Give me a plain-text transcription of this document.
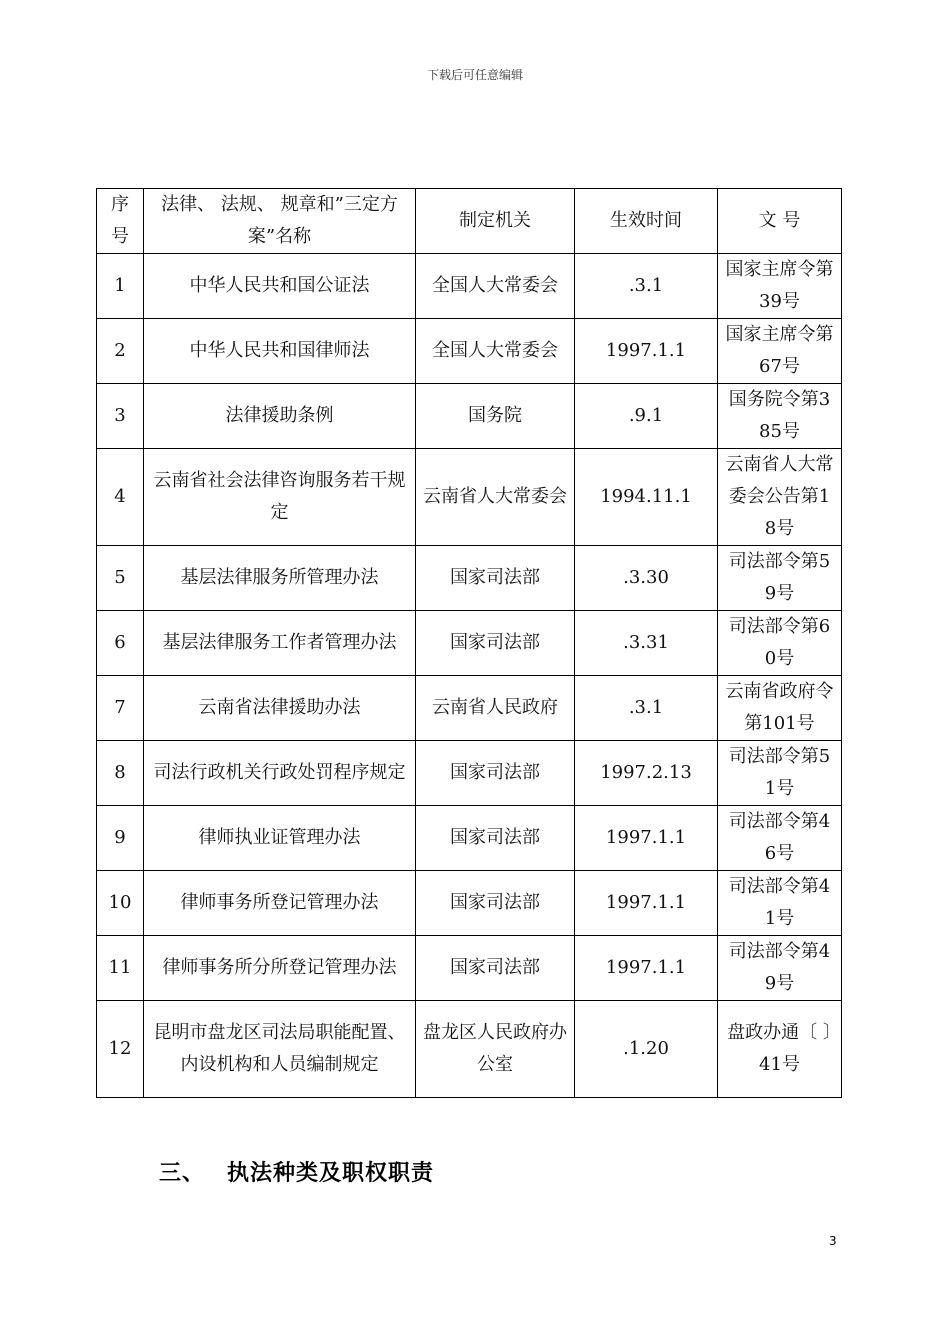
下载后可任意编辑
序号	法律、 法规、 规章和”三定方案”名称	制定机关	生效时间	文 号
1	中华人民共和国公证法	全国人大常委会	.3.1	国家主席令第39号
2	中华人民共和国律师法	全国人大常委会	1997.1.1	国家主席令第67号
3	法律援助条例	国务院	.9.1	国务院令第385号
4	云南省社会法律咨询服务若干规定	云南省人大常委会	1994.11.1	云南省人大常委会公告第18号
5	基层法律服务所管理办法	国家司法部	.3.30	司法部令第59号
6	基层法律服务工作者管理办法	国家司法部	.3.31	司法部令第60号
7	云南省法律援助办法	云南省人民政府	.3.1	云南省政府令第101号
8	司法行政机关行政处罚程序规定	国家司法部	1997.2.13	司法部令第51号
9	律师执业证管理办法	国家司法部	1997.1.1	司法部令第46号
10	律师事务所登记管理办法	国家司法部	1997.1.1	司法部令第41号
11	律师事务所分所登记管理办法	国家司法部	1997.1.1	司法部令第49号
12	昆明市盘龙区司法局职能配置、 内设机构和人员编制规定	盘龙区人民政府办公室	.1.20	盘政办通〔 〕41号
三、 执法种类及职权职责
3
